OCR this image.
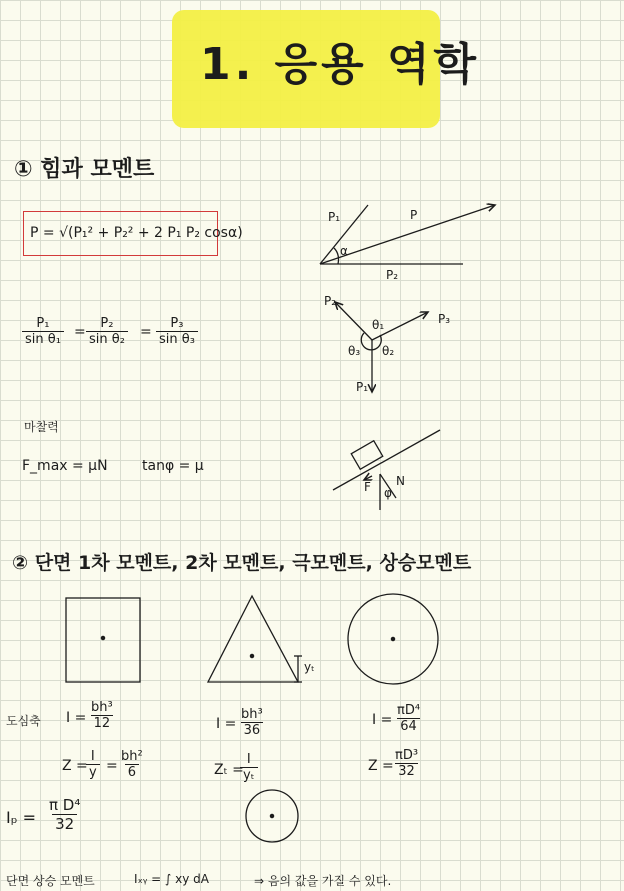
1. 응용 역학
① 힘과 모멘트
P = √(P₁² + P₂² + 2 P₁ P₂ cosα)
$\frac{\text{P₁}}{\text{sin θ₁}} = \frac{\text{P₂}}{\text{sin θ₂}} = \frac{\text{P₃}}{\text{sin θ₃}}$
마찰력
F_max = μN tanφ = μ
P₁	P
P₂
α
P₂
P₃
P₁
θ₁
θ₃ θ₂
F N
φ
② 단면 1차 모멘트, 2차 모멘트, 극모멘트, 상승모멘트
도심축 $I = \frac{\text{bh³}}{12}$
Z =
$\frac{I}{y} = \frac{\text{bh²}}{6}$
$I = \frac{\text{bh³}}{36}$
Zₜ =
$\frac{I}{\text{yₜ}}$
yₜ
$I = \frac{\text{πD⁴}}{64}$
Z =
$\frac{\text{πD³}}{32}$
$I_p = \frac{\text{π D⁴}}{32}$
단면 상승 모멘트	Iₓᵧ = ∫ xy dA	⇒ 음의 값을 가질 수 있다.
